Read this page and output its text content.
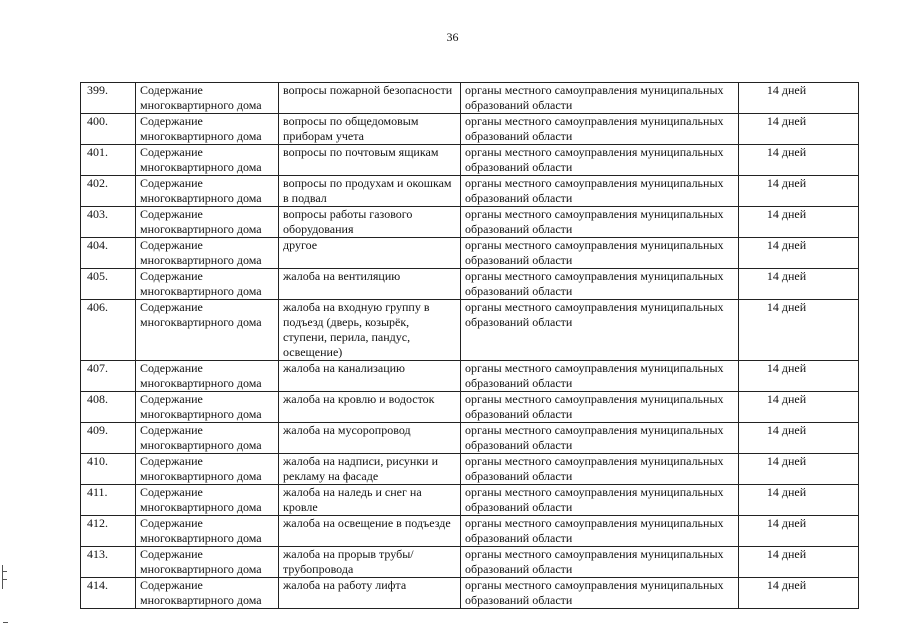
36
399.	Содержание многоквартирного дома	вопросы пожарной безопасности	органы местного самоуправления муниципальных образований области	14 дней
400.	Содержание многоквартирного дома	вопросы по общедомовым приборам учета	органы местного самоуправления муниципальных образований области	14 дней
401.	Содержание многоквартирного дома	вопросы по почтовым ящикам	органы местного самоуправления муниципальных образований области	14 дней
402.	Содержание многоквартирного дома	вопросы по продухам и окошкам в подвал	органы местного самоуправления муниципальных образований области	14 дней
403.	Содержание многоквартирного дома	вопросы работы газового оборудования	органы местного самоуправления муниципальных образований области	14 дней
404.	Содержание многоквартирного дома	другое	органы местного самоуправления муниципальных образований области	14 дней
405.	Содержание многоквартирного дома	жалоба на вентиляцию	органы местного самоуправления муниципальных образований области	14 дней
406.	Содержание многоквартирного дома	жалоба на входную группу в подъезд (дверь, козырёк, ступени, перила, пандус, освещение)	органы местного самоуправления муниципальных образований области	14 дней
407.	Содержание многоквартирного дома	жалоба на канализацию	органы местного самоуправления муниципальных образований области	14 дней
408.	Содержание многоквартирного дома	жалоба на кровлю и водосток	органы местного самоуправления муниципальных образований области	14 дней
409.	Содержание многоквартирного дома	жалоба на мусоропровод	органы местного самоуправления муниципальных образований области	14 дней
410.	Содержание многоквартирного дома	жалоба на надписи, рисунки и рекламу на фасаде	органы местного самоуправления муниципальных образований области	14 дней
411.	Содержание многоквартирного дома	жалоба на наледь и снег на кровле	органы местного самоуправления муниципальных образований области	14 дней
412.	Содержание многоквартирного дома	жалоба на освещение в подъезде	органы местного самоуправления муниципальных образований области	14 дней
413.	Содержание многоквартирного дома	жалоба на прорыв трубы/трубопровода	органы местного самоуправления муниципальных образований области	14 дней
414.	Содержание многоквартирного дома	жалоба на работу лифта	органы местного самоуправления муниципальных образований области	14 дней
